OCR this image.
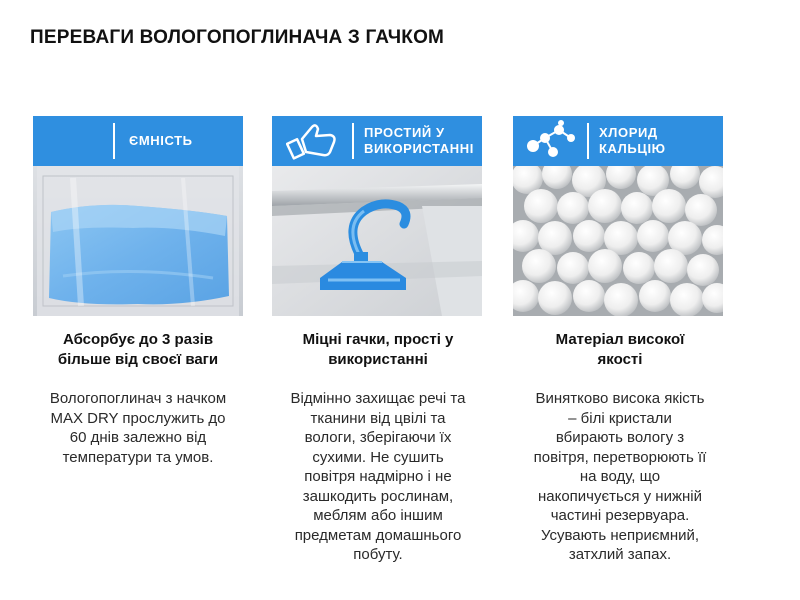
ПЕРЕВАГИ ВОЛОГОПОГЛИНАЧА З ГАЧКОМ
ЄМНІСТЬ
ПРОСТИЙ У
ВИКОРИСТАННІ
ХЛОРИД
КАЛЬЦІЮ
Абсорбує до 3 разів
більше від своєї ваги
Міцні гачки, прості у
використанні
Матеріал високої
якості
Вологопоглинач з начком
MAX DRY прослужить до
60 днів залежно від
температури та умов.
Відмінно захищає речі та
тканини від цвілі та
вологи, зберігаючи їх
сухими. Не сушить
повітря надмірно і не
зашкодить рослинам,
меблям або іншим
предметам домашнього
побуту.
Винятково висока якість
– білі кристали
вбирають вологу з
повітря, перетворюють її
на воду, що
накопичується у нижній
частині резервуара.
Усувають неприємний,
затхлий запах.
